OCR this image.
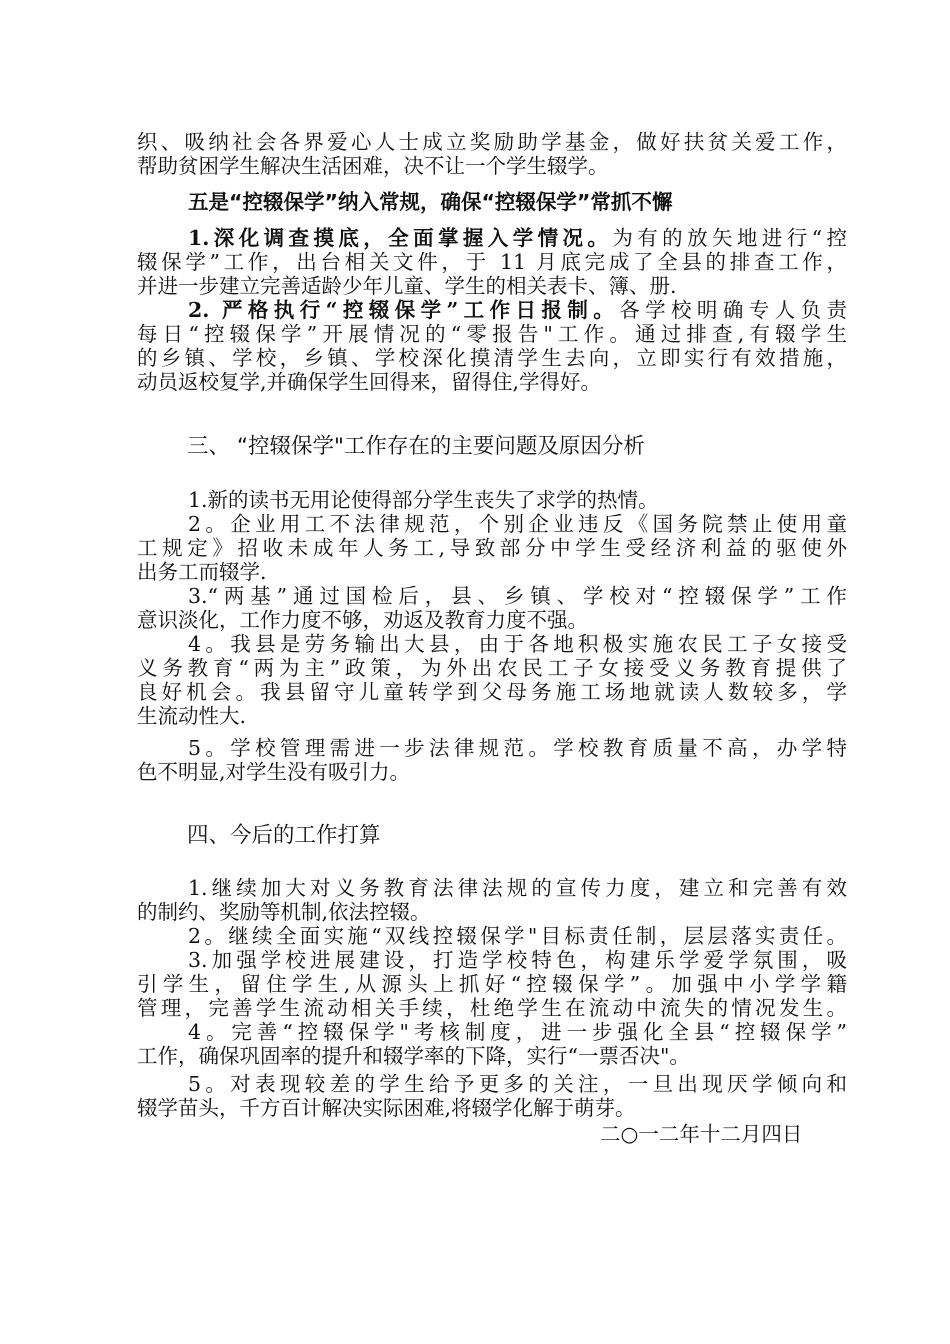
织、吸纳社会各界爱心人士成立奖励助学基金，做好扶贫关爱工作，
帮助贫困学生解决生活困难，决不让一个学生辍学。
五是“控辍保学”纳入常规，确保“控辍保学”常抓不懈
1.深化调查摸底，全面掌握入学情况。为有的放矢地进行“控
辍保学”工作，出台相关文件，于 11 月底完成了全县的排查工作，
并进一步建立完善适龄少年儿童、学生的相关表卡、簿、册.
2. 严格执行“控辍保学”工作日报制。各学校明确专人负责
每日“控辍保学”开展情况的“零报告"工作。通过排查,有辍学生
的乡镇、学校，乡镇、学校深化摸清学生去向，立即实行有效措施，
动员返校复学,并确保学生回得来，留得住,学得好。
三、 “控辍保学"工作存在的主要问题及原因分析
1.新的读书无用论使得部分学生丧失了求学的热情。
2。企业用工不法律规范，个别企业违反《国务院禁止使用童
工规定》招收未成年人务工,导致部分中学生受经济利益的驱使外
出务工而辍学.
3.“两基”通过国检后，县、乡镇、学校对“控辍保学”工作
意识淡化，工作力度不够，劝返及教育力度不强。
4。我县是劳务输出大县，由于各地积极实施农民工子女接受
义务教育“两为主”政策，为外出农民工子女接受义务教育提供了
良好机会。我县留守儿童转学到父母务施工场地就读人数较多，学
生流动性大.
5。学校管理需进一步法律规范。学校教育质量不高，办学特
色不明显,对学生没有吸引力。
四、今后的工作打算
1.继续加大对义务教育法律法规的宣传力度，建立和完善有效
的制约、奖励等机制,依法控辍。
2。继续全面实施“双线控辍保学"目标责任制，层层落实责任。
3.加强学校进展建设，打造学校特色，构建乐学爱学氛围，吸
引学生，留住学生,从源头上抓好“控辍保学”。加强中小学学籍
管理，完善学生流动相关手续，杜绝学生在流动中流失的情况发生。
4。完善“控辍保学"考核制度，进一步强化全县“控辍保学”
工作，确保巩固率的提升和辍学率的下降，实行“一票否决"。
5。对表现较差的学生给予更多的关注，一旦出现厌学倾向和
辍学苗头，千方百计解决实际困难,将辍学化解于萌芽。
二○一二年十二月四日
